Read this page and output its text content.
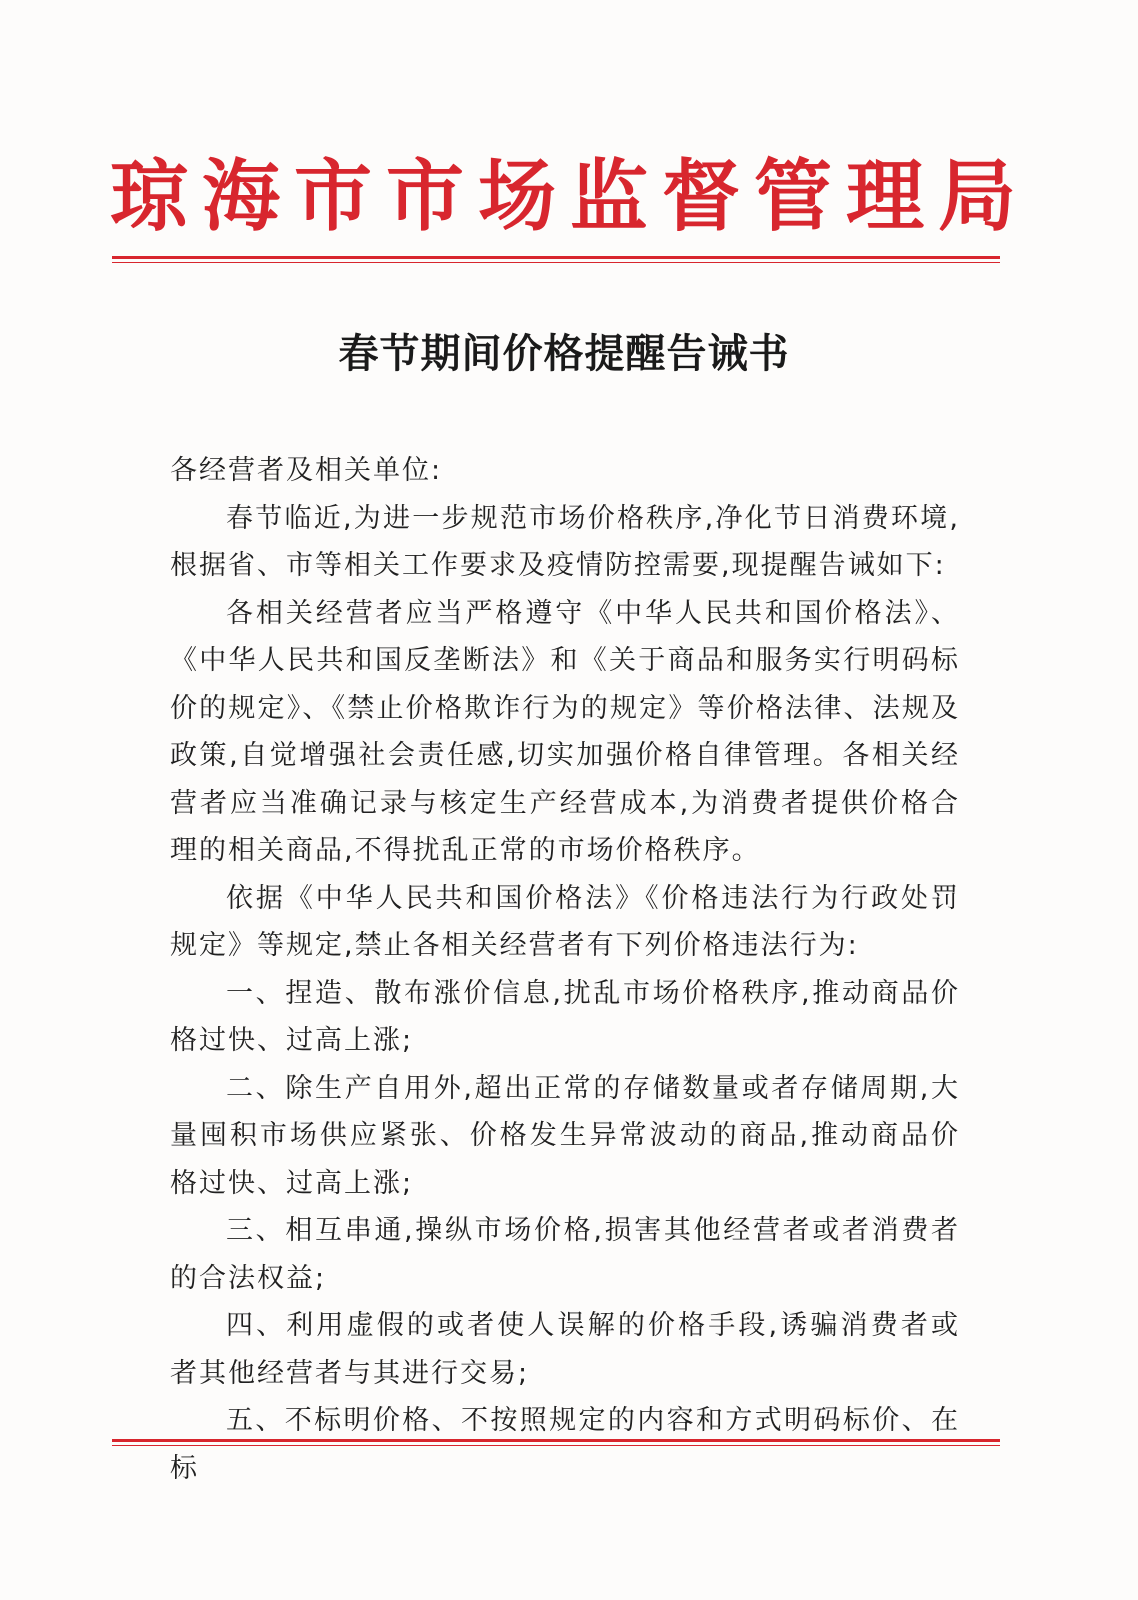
琼海市市场监督管理局
春节期间价格提醒告诫书

各经营者及相关单位:

春节临近,为进一步规范市场价格秩序,净化节日消费环境,根据省、市等相关工作要求及疫情防控需要,现提醒告诫如下:

各相关经营者应当严格遵守《中华人民共和国价格法》、《中华人民共和国反垄断法》和《关于商品和服务实行明码标价的规定》、《禁止价格欺诈行为的规定》等价格法律、法规及政策,自觉增强社会责任感,切实加强价格自律管理。各相关经营者应当准确记录与核定生产经营成本,为消费者提供价格合理的相关商品,不得扰乱正常的市场价格秩序。

依据《中华人民共和国价格法》《价格违法行为行政处罚规定》等规定,禁止各相关经营者有下列价格违法行为:

一、捏造、散布涨价信息,扰乱市场价格秩序,推动商品价格过快、过高上涨;

二、除生产自用外,超出正常的存储数量或者存储周期,大量囤积市场供应紧张、价格发生异常波动的商品,推动商品价格过快、过高上涨;

三、相互串通,操纵市场价格,损害其他经营者或者消费者的合法权益;

四、利用虚假的或者使人误解的价格手段,诱骗消费者或者其他经营者与其进行交易;

五、不标明价格、不按照规定的内容和方式明码标价、在标
